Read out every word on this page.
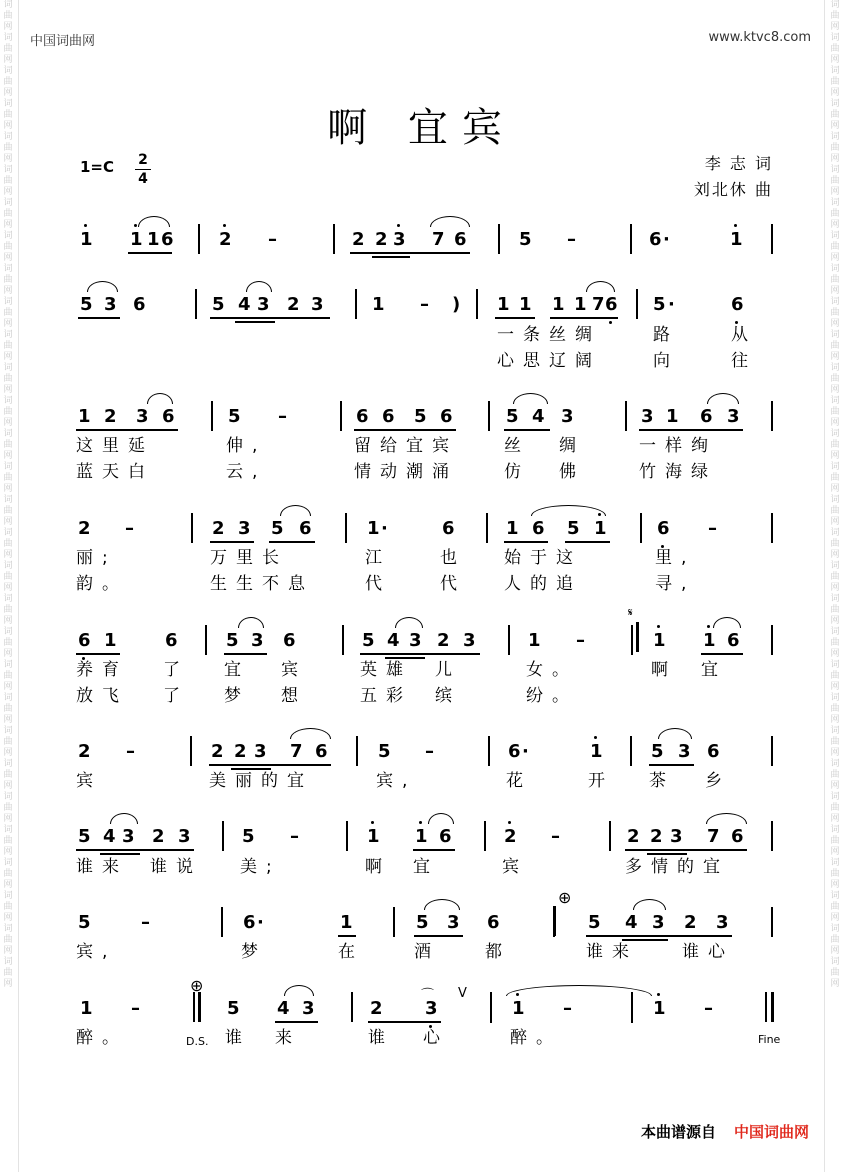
词曲网词曲网词曲网词曲网词曲网词曲网词曲网词曲网词曲网词曲网词曲网词曲网词曲网词曲网词曲网词曲网词曲网词曲网词曲网词曲网词曲网词曲网词曲网词曲网词曲网词曲网词曲网词曲网词曲网词曲网
词曲网词曲网词曲网词曲网词曲网词曲网词曲网词曲网词曲网词曲网词曲网词曲网词曲网词曲网词曲网词曲网词曲网词曲网词曲网词曲网词曲网词曲网词曲网词曲网词曲网词曲网词曲网词曲网词曲网词曲网
中国词曲网	www.ktvc8.com
啊 宜宾
1=C 2
4
李 志 词
刘北休 曲
1 1 1 6	2 –	2 2 3 7 6	5 –	6 ·	1
5 3 6	5 4 3 2 3	1 – ) 1 1 1 1 7 6 5 ·	6
1 2 3 6	5 –	6 6 5 6	5 4 3	3 1 6 3
2 –	2 3 5 6	1 ·	6	1 6 5 1	6 –
6 1	6	5 3 6	5 4 3 2 3	1 –	1 1 6
2 –	2 2 3 7 6	5 –	6 ·	1	5 3 6
5 4 3 2 3	5 –	1 1 6	2 –	2 2 3 7 6
5	–	6 ·	1	5 3 6	5 4 3 2 3
1 –	5 4 3	2 3	1 –	1 –
一条丝绸	路	从
心思辽阔	向	往
这里延	伸,	留给宜宾	丝 绸	一样绚
蓝天白	云,	情动潮涌	仿 佛	竹海绿
丽;	万里长	江	也 始于这	里,
韵。	生生不息	代	代 人的追	寻,
养育 了 宜 宾	英雄 儿	女。	啊 宜
放飞 了 梦 想	五彩 缤	纷。
宾	美丽的宜	宾,	花	开 茶 乡
谁来 谁说 美;	啊 宜	宾	多情的宜
宾,	梦	在	酒	都	谁来	谁心
醉。	谁 来	谁 心	醉。
𝄋
⊕
⊕
D.S.
V
⌒
Fine
本曲谱源自 中国词曲网
